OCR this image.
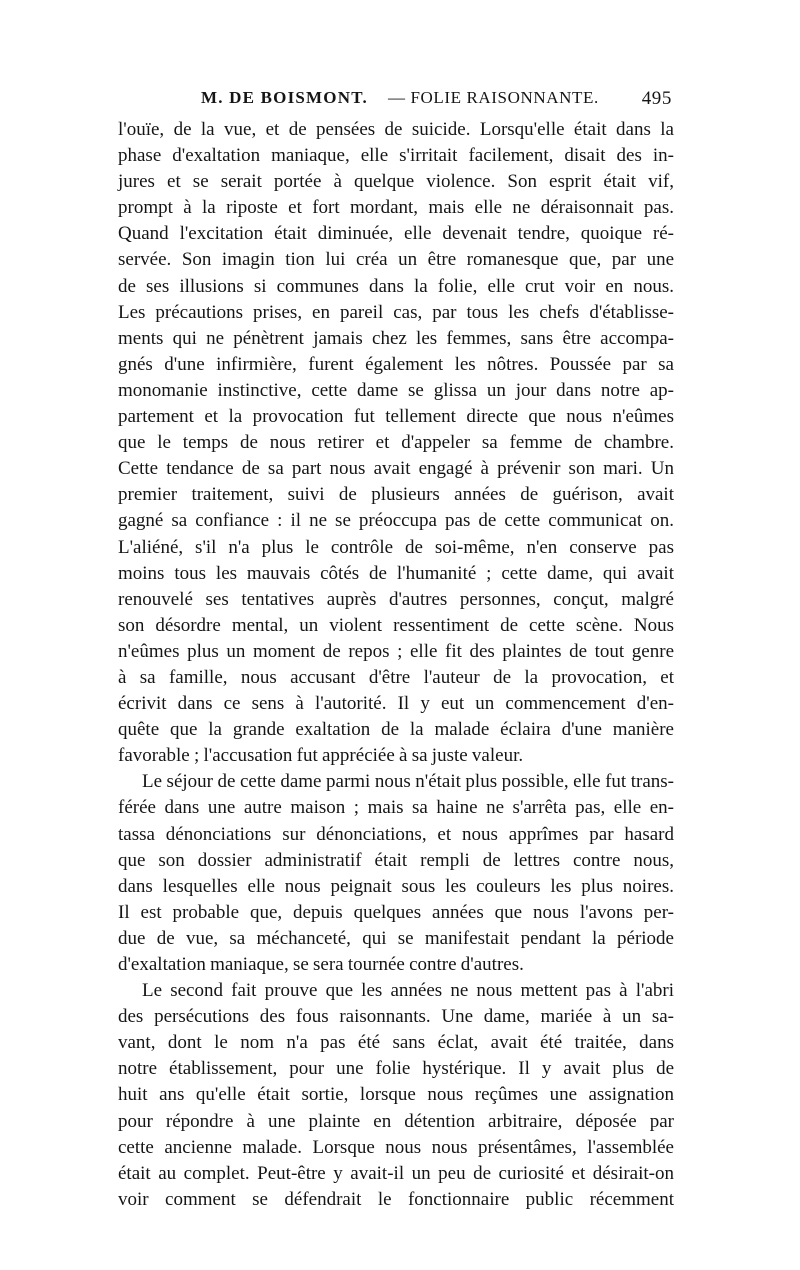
M. DE BOISMONT. — FOLIE RAISONNANTE. 495
l'ouïe, de la vue, et de pensées de suicide. Lorsqu'elle était dans la
phase d'exaltation maniaque, elle s'irritait facilement, disait des in-
jures et se serait portée à quelque violence. Son esprit était vif,
prompt à la riposte et fort mordant, mais elle ne déraisonnait pas.
Quand l'excitation était diminuée, elle devenait tendre, quoique ré-
servée. Son imagin tion lui créa un être romanesque que, par une
de ses illusions si communes dans la folie, elle crut voir en nous.
Les précautions prises, en pareil cas, par tous les chefs d'établisse-
ments qui ne pénètrent jamais chez les femmes, sans être accompa-
gnés d'une infirmière, furent également les nôtres. Poussée par sa
monomanie instinctive, cette dame se glissa un jour dans notre ap-
partement et la provocation fut tellement directe que nous n'eûmes
que le temps de nous retirer et d'appeler sa femme de chambre.
Cette tendance de sa part nous avait engagé à prévenir son mari. Un
premier traitement, suivi de plusieurs années de guérison, avait
gagné sa confiance : il ne se préoccupa pas de cette communicat on.
L'aliéné, s'il n'a plus le contrôle de soi-même, n'en conserve pas
moins tous les mauvais côtés de l'humanité ; cette dame, qui avait
renouvelé ses tentatives auprès d'autres personnes, conçut, malgré
son désordre mental, un violent ressentiment de cette scène. Nous
n'eûmes plus un moment de repos ; elle fit des plaintes de tout genre
à sa famille, nous accusant d'être l'auteur de la provocation, et
écrivit dans ce sens à l'autorité. Il y eut un commencement d'en-
quête que la grande exaltation de la malade éclaira d'une manière
favorable ; l'accusation fut appréciée à sa juste valeur.
Le séjour de cette dame parmi nous n'était plus possible, elle fut trans-
férée dans une autre maison ; mais sa haine ne s'arrêta pas, elle en-
tassa dénonciations sur dénonciations, et nous apprîmes par hasard
que son dossier administratif était rempli de lettres contre nous,
dans lesquelles elle nous peignait sous les couleurs les plus noires.
Il est probable que, depuis quelques années que nous l'avons per-
due de vue, sa méchanceté, qui se manifestait pendant la période
d'exaltation maniaque, se sera tournée contre d'autres.
Le second fait prouve que les années ne nous mettent pas à l'abri
des persécutions des fous raisonnants. Une dame, mariée à un sa-
vant, dont le nom n'a pas été sans éclat, avait été traitée, dans
notre établissement, pour une folie hystérique. Il y avait plus de
huit ans qu'elle était sortie, lorsque nous reçûmes une assignation
pour répondre à une plainte en détention arbitraire, déposée par
cette ancienne malade. Lorsque nous nous présentâmes, l'assemblée
était au complet. Peut-être y avait-il un peu de curiosité et désirait-on
voir comment se défendrait le fonctionnaire public récemment
